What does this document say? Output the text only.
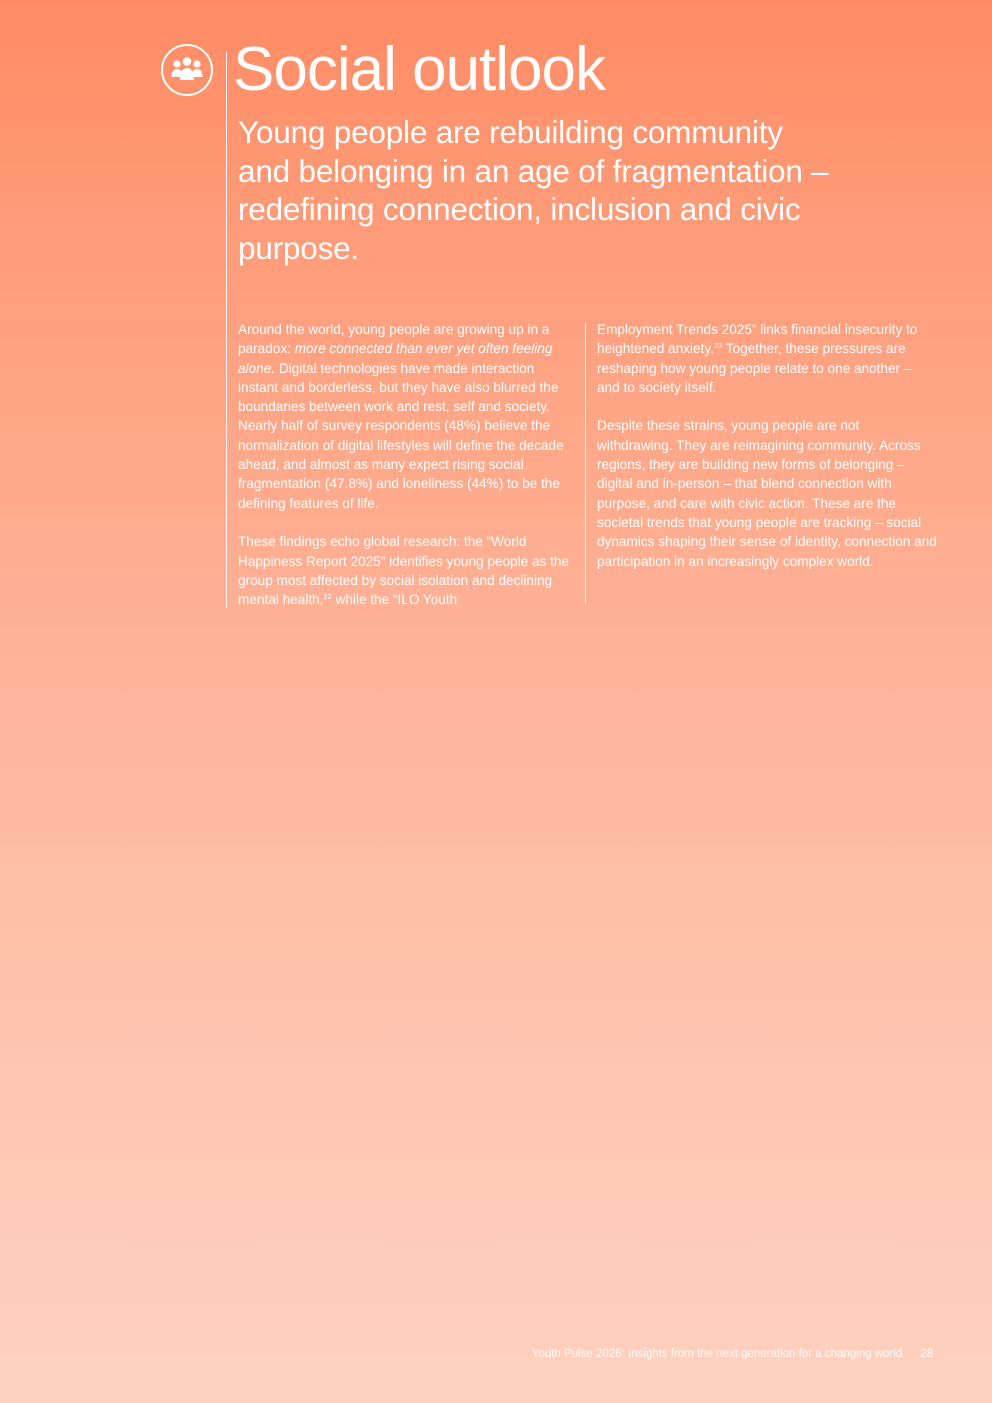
Social outlook
Young people are rebuilding community and belonging in an age of fragmentation – redefining connection, inclusion and civic purpose.

Around the world, young people are growing up in a paradox: more connected than ever yet often feeling alone. Digital technologies have made interaction instant and borderless, but they have also blurred the boundaries between work and rest, self and society. Nearly half of survey respondents (48%) believe the normalization of digital lifestyles will define the decade ahead, and almost as many expect rising social fragmentation (47.8%) and loneliness (44%) to be the defining features of life.

These findings echo global research: the “World Happiness Report 2025” identifies young people as the group most affected by social isolation and declining mental health,$^{22}$ while the “ILO Youth

Employment Trends 2025” links financial insecurity to heightened anxiety.$^{23}$ Together, these pressures are reshaping how young people relate to one another – and to society itself.

Despite these strains, young people are not withdrawing. They are reimagining community. Across regions, they are building new forms of belonging – digital and in-person – that blend connection with purpose, and care with civic action. These are the societal trends that young people are tracking – social dynamics shaping their sense of identity, connection and participation in an increasingly complex world.

Youth Pulse 2026: Insights from the next generation for a changing world 28
